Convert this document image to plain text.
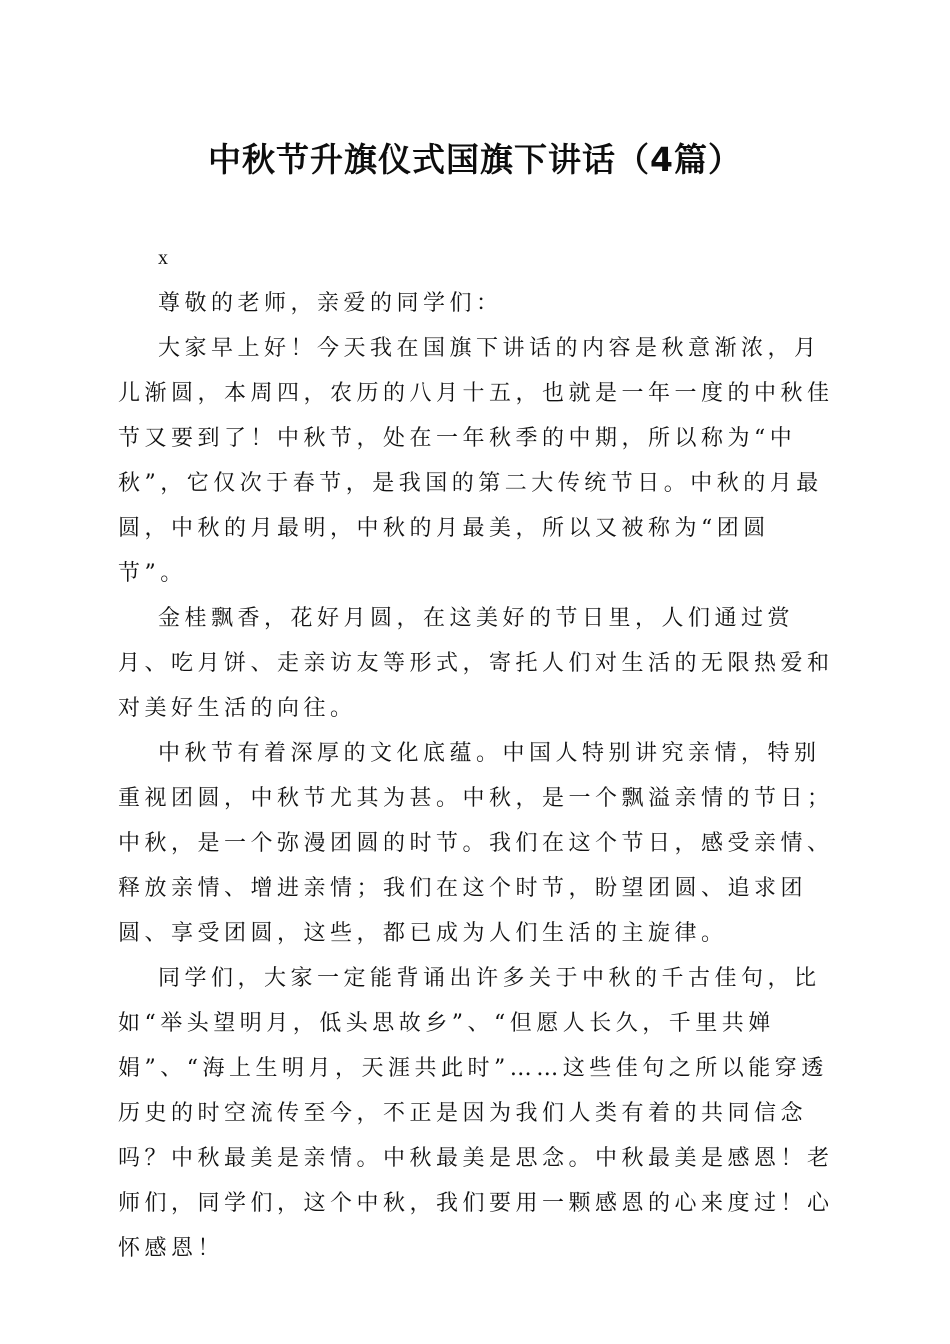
中秋节升旗仪式国旗下讲话（4篇）

x

尊敬的老师，亲爱的同学们：

大家早上好！今天我在国旗下讲话的内容是秋意渐浓，月儿渐圆，本周四，农历的八月十五，也就是一年一度的中秋佳节又要到了！中秋节，处在一年秋季的中期，所以称为“中秋”，它仅次于春节，是我国的第二大传统节日。中秋的月最圆，中秋的月最明，中秋的月最美，所以又被称为“团圆节”。

金桂飘香，花好月圆，在这美好的节日里，人们通过赏月、吃月饼、走亲访友等形式，寄托人们对生活的无限热爱和对美好生活的向往。

中秋节有着深厚的文化底蕴。中国人特别讲究亲情，特别重视团圆，中秋节尤其为甚。中秋，是一个飘溢亲情的节日；中秋，是一个弥漫团圆的时节。我们在这个节日，感受亲情、释放亲情、增进亲情；我们在这个时节，盼望团圆、追求团圆、享受团圆，这些，都已成为人们生活的主旋律。

同学们，大家一定能背诵出许多关于中秋的千古佳句，比如“举头望明月，低头思故乡”、“但愿人长久，千里共婵娟”、“海上生明月，天涯共此时”……这些佳句之所以能穿透历史的时空流传至今，不正是因为我们人类有着的共同信念吗？中秋最美是亲情。中秋最美是思念。中秋最美是感恩！老师们，同学们，这个中秋，我们要用一颗感恩的心来度过！心怀感恩！
